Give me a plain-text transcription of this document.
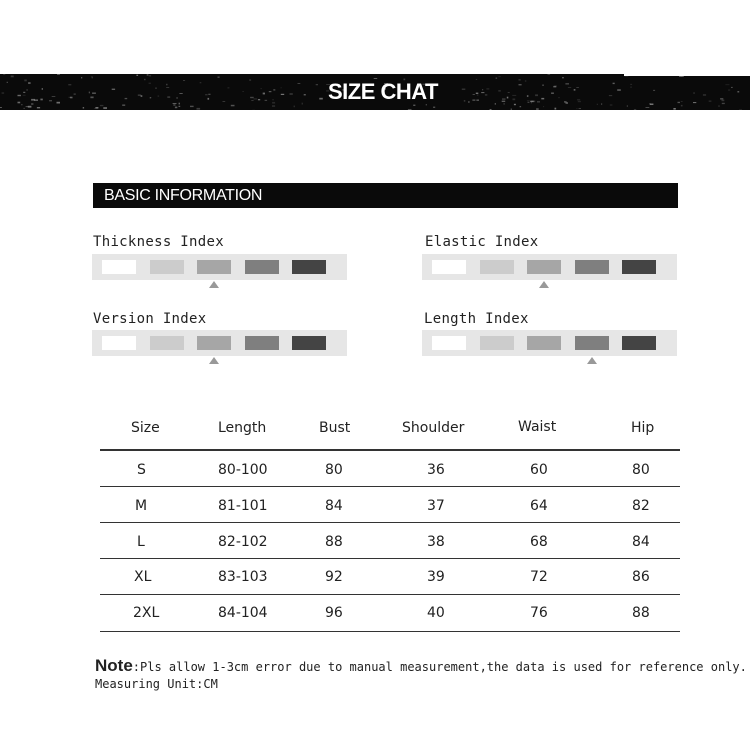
SIZE CHAT
BASIC INFORMATION
Thickness Index	Elastic Index
Version Index	Length Index
Size	Length	Bust	Shoulder	Waist	Hip
S	80-100	80	36	60	80
M	81-101	84	37	64	82
L	82-102	88	38	68	84
XL	83-103	92	39	72	86
2XL	84-104	96	40	76	88
Note:Pls allow 1-3cm error due to manual measurement,the data is used for reference only.
Measuring Unit:CM
